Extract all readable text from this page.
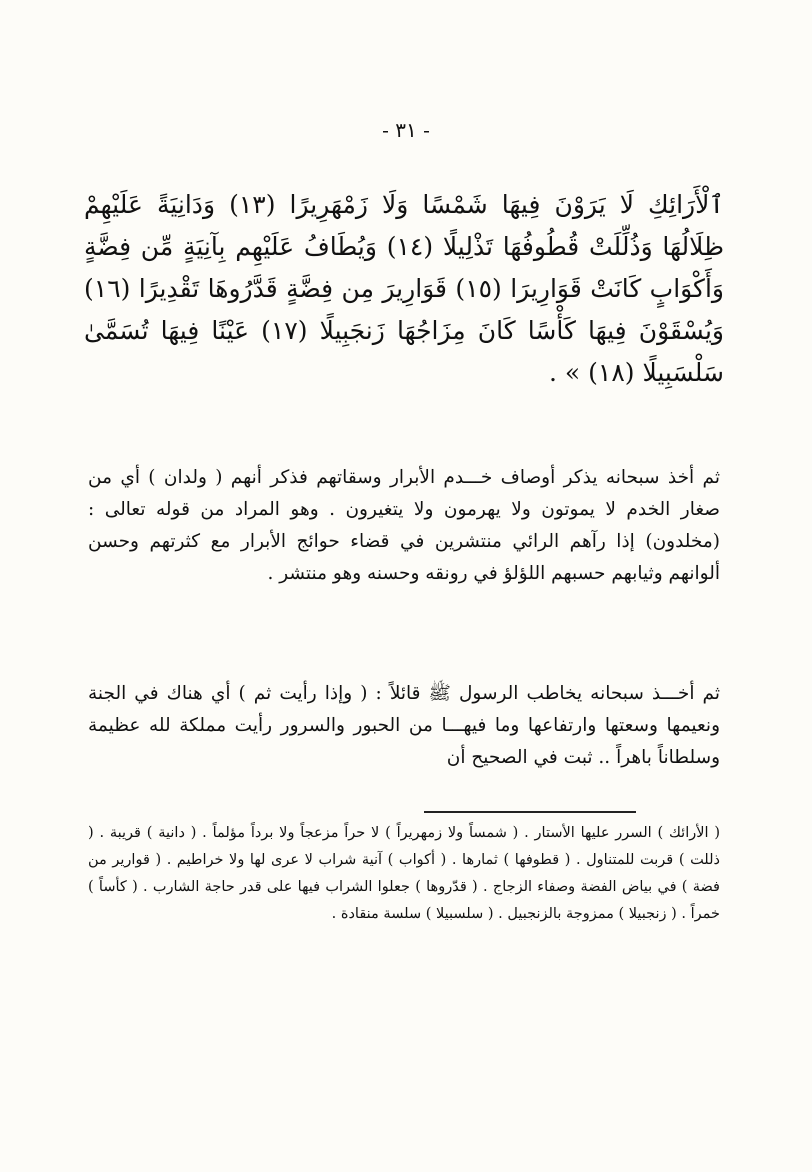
- ٣١ -
ٱلْأَرَائِكِ لَا يَرَوْنَ فِيهَا شَمْسًا وَلَا زَمْهَرِيرًا (١٣) وَدَانِيَةً عَلَيْهِمْ ظِلَالُهَا وَذُلِّلَتْ قُطُوفُهَا تَذْلِيلًا (١٤) وَيُطَافُ عَلَيْهِم بِآنِيَةٍ مِّن فِضَّةٍ وَأَكْوَابٍ كَانَتْ قَوَارِيرَا (١٥) قَوَارِيرَ مِن فِضَّةٍ قَدَّرُوهَا تَقْدِيرًا (١٦) وَيُسْقَوْنَ فِيهَا كَأْسًا كَانَ مِزَاجُهَا زَنجَبِيلًا (١٧) عَيْنًا فِيهَا تُسَمَّىٰ سَلْسَبِيلًا (١٨) » .
ثم أخذ سبحانه يذكر أوصاف خـــدم الأبرار وسقاتهم فذكر أنهم ( ولدان ) أي من صغار الخدم لا يموتون ولا يهرمون ولا يتغيرون . وهو المراد من قوله تعالى : (مخلدون) إذا رآهم الرائي منتشرين في قضاء حوائج الأبرار مع كثرتهم وحسن ألوانهم وثيابهم حسبهم اللؤلؤ في رونقه وحسنه وهو منتشر .
ثم أخـــذ سبحانه يخاطب الرسول ﷺ قائلاً : ( وإذا رأيت ثم ) أي هناك في الجنة ونعيمها وسعتها وارتفاعها وما فيهـــا من الحبور والسرور رأيت مملكة لله عظيمة وسلطاناً باهراً .. ثبت في الصحيح أن
( الأرائك ) السرر عليها الأستار . ( شمساً ولا زمهريراً ) لا حراً مزعجاً ولا برداً مؤلماً . ( دانية ) قريبة . ( ذللت ) قربت للمتناول . ( قطوفها ) ثمارها . ( أكواب ) آنية شراب لا عرى لها ولا خراطيم . ( قوارير من فضة ) في بياض الفضة وصفاء الزجاج . ( قدّروها ) جعلوا الشراب فيها على قدر حاجة الشارب . ( كأساً ) خمراً . ( زنجبيلا ) ممزوجة بالزنجبيل . ( سلسبيلا ) سلسة منقادة .
